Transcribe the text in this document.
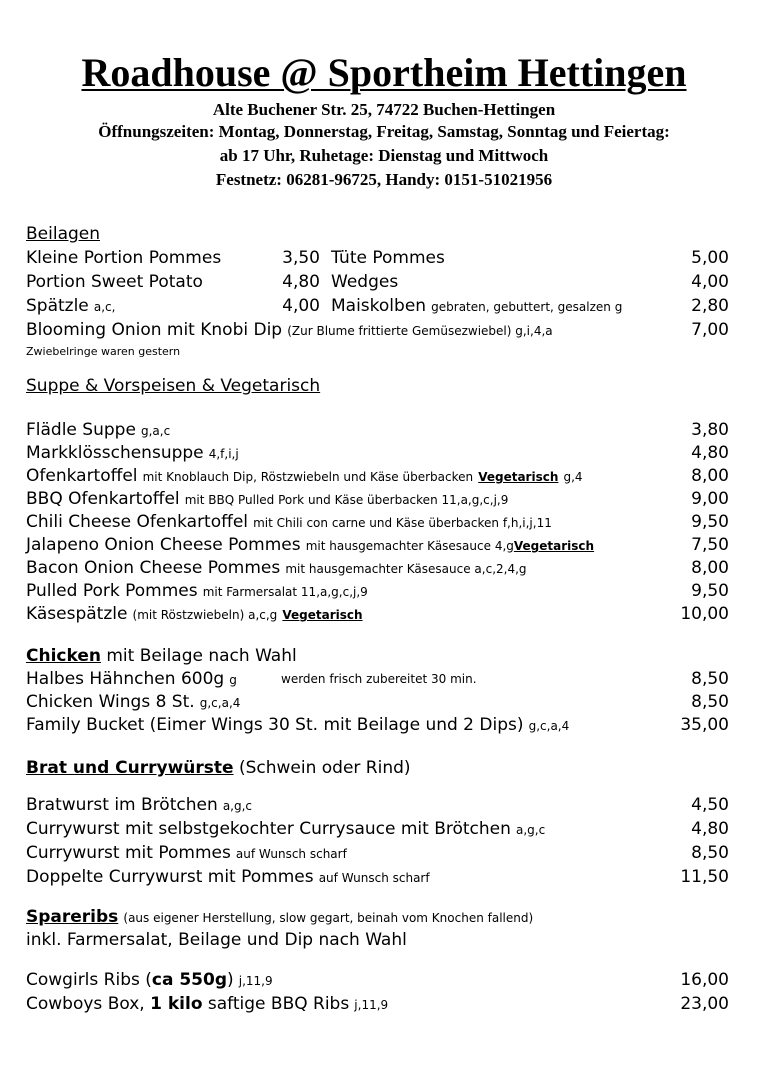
Roadhouse @ Sportheim Hettingen
Alte Buchener Str. 25, 74722 Buchen-Hettingen
Öffnungszeiten: Montag, Donnerstag, Freitag, Samstag, Sonntag und Feiertag:
ab 17 Uhr, Ruhetage: Dienstag und Mittwoch
Festnetz: 06281-96725, Handy: 0151-51021956
Beilagen
Kleine Portion Pommes	3,50 Tüte Pommes	5,00
Portion Sweet Potato	4,80 Wedges	4,00
Spätzle a,c,	4,00 Maiskolben gebraten, gebuttert, gesalzen g	2,80
Blooming Onion mit Knobi Dip (Zur Blume frittierte Gemüsezwiebel) g,i,4,a	7,00
Zwiebelringe waren gestern
Suppe & Vorspeisen & Vegetarisch
Flädle Suppe g,a,c	3,80
Markklösschensuppe 4,f,i,j	4,80
Ofenkartoffel mit Knoblauch Dip, Röstzwiebeln und Käse überbacken Vegetarisch g,4	8,00
BBQ Ofenkartoffel mit BBQ Pulled Pork und Käse überbacken 11,a,g,c,j,9	9,00
Chili Cheese Ofenkartoffel mit Chili con carne und Käse überbacken f,h,i,j,11	9,50
Jalapeno Onion Cheese Pommes mit hausgemachter Käsesauce 4,gVegetarisch	7,50
Bacon Onion Cheese Pommes mit hausgemachter Käsesauce a,c,2,4,g	8,00
Pulled Pork Pommes mit Farmersalat 11,a,g,c,j,9	9,50
Käsespätzle (mit Röstzwiebeln) a,c,g Vegetarisch	10,00
Chicken mit Beilage nach Wahl
Halbes Hähnchen 600g g	werden frisch zubereitet 30 min.	8,50
Chicken Wings 8 St. g,c,a,4	8,50
Family Bucket (Eimer Wings 30 St. mit Beilage und 2 Dips) g,c,a,4	35,00
Brat und Currywürste (Schwein oder Rind)
Bratwurst im Brötchen a,g,c	4,50
Currywurst mit selbstgekochter Currysauce mit Brötchen a,g,c	4,80
Currywurst mit Pommes auf Wunsch scharf	8,50
Doppelte Currywurst mit Pommes auf Wunsch scharf	11,50
Spareribs (aus eigener Herstellung, slow gegart, beinah vom Knochen fallend)
inkl. Farmersalat, Beilage und Dip nach Wahl
Cowgirls Ribs (ca 550g) j,11,9	16,00
Cowboys Box, 1 kilo saftige BBQ Ribs j,11,9	23,00
